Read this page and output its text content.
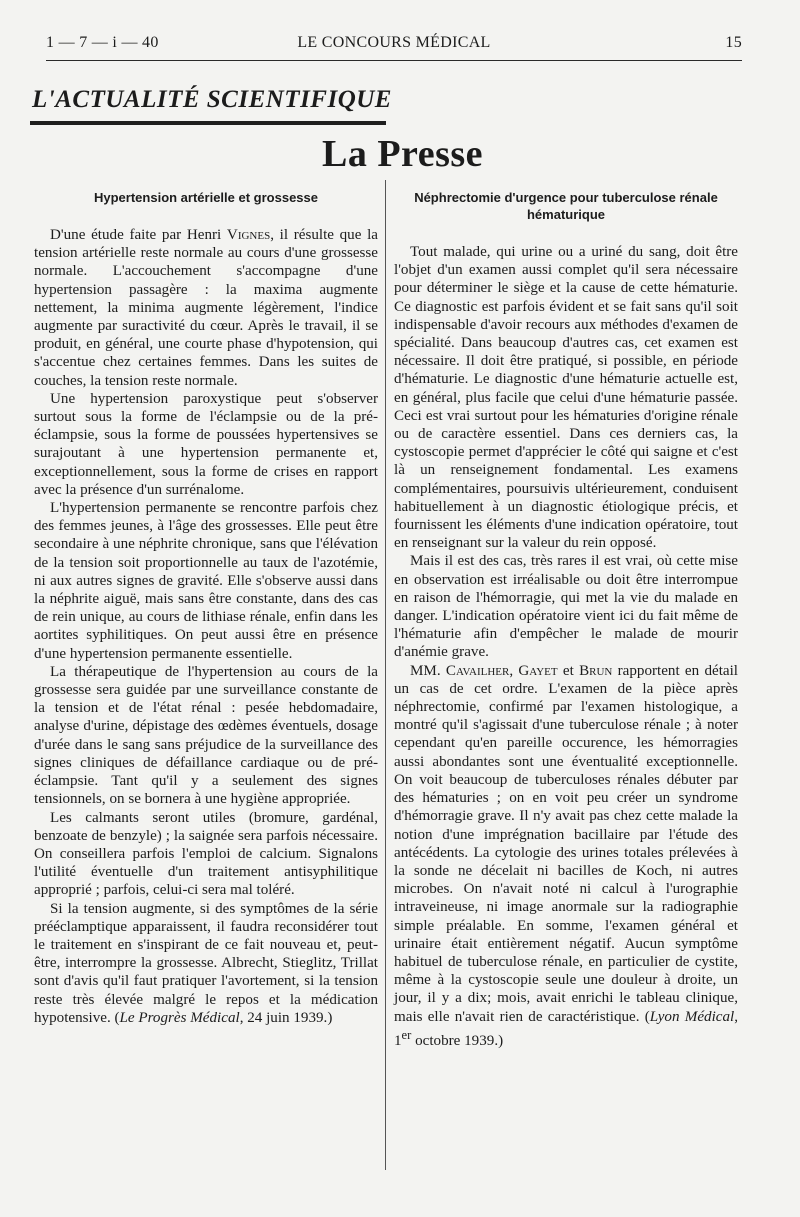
1 — 7 — i — 40	LE CONCOURS MÉDICAL	15
L'ACTUALITÉ SCIENTIFIQUE
La Presse
Hypertension artérielle et grossesse

D'une étude faite par Henri Vignes, il résulte que la tension artérielle reste normale au cours d'une grossesse normale. L'accouchement s'accompagne d'une hypertension passagère : la maxima augmente nettement, la minima augmente légèrement, l'indice augmente par suractivité du cœur. Après le travail, il se produit, en général, une courte phase d'hypotension, qui s'accentue chez certaines femmes. Dans les suites de couches, la tension reste normale.

Une hypertension paroxystique peut s'observer surtout sous la forme de l'éclampsie ou de la pré-éclampsie, sous la forme de poussées hypertensives se surajoutant à une hypertension permanente et, exceptionnellement, sous la forme de crises en rapport avec la présence d'un surrénalome.

L'hypertension permanente se rencontre parfois chez des femmes jeunes, à l'âge des grossesses. Elle peut être secondaire à une néphrite chronique, sans que l'élévation de la tension soit proportionnelle au taux de l'azotémie, ni aux autres signes de gravité. Elle s'observe aussi dans la néphrite aiguë, mais sans être constante, dans des cas de rein unique, au cours de lithiase rénale, enfin dans les aortites syphilitiques. On peut aussi être en présence d'une hypertension permanente essentielle.

La thérapeutique de l'hypertension au cours de la grossesse sera guidée par une surveillance constante de la tension et de l'état rénal : pesée hebdomadaire, analyse d'urine, dépistage des œdèmes éventuels, dosage d'urée dans le sang sans préjudice de la surveillance des signes cliniques de défaillance cardiaque ou de pré-éclampsie. Tant qu'il y a seulement des signes tensionnels, on se bornera à une hygiène appropriée.

Les calmants seront utiles (bromure, gardénal, benzoate de benzyle) ; la saignée sera parfois nécessaire. On conseillera parfois l'emploi de calcium. Signalons l'utilité éventuelle d'un traitement antisyphilitique approprié ; parfois, celui-ci sera mal toléré.

Si la tension augmente, si des symptômes de la série prééclamptique apparaissent, il faudra reconsidérer tout le traitement en s'inspirant de ce fait nouveau et, peut-être, interrompre la grossesse. Albrecht, Stieglitz, Trillat sont d'avis qu'il faut pratiquer l'avortement, si la tension reste très élevée malgré le repos et la médication hypotensive. (Le Progrès Médical, 24 juin 1939.)

Néphrectomie d'urgence pour tuberculose rénale hématurique

Tout malade, qui urine ou a uriné du sang, doit être l'objet d'un examen aussi complet qu'il sera nécessaire pour déterminer le siège et la cause de cette hématurie. Ce diagnostic est parfois évident et se fait sans qu'il soit indispensable d'avoir recours aux méthodes d'examen de spécialité. Dans beaucoup d'autres cas, cet examen est nécessaire. Il doit être pratiqué, si possible, en période d'hématurie. Le diagnostic d'une hématurie actuelle est, en général, plus facile que celui d'une hématurie passée. Ceci est vrai surtout pour les hématuries d'origine rénale ou de caractère essentiel. Dans ces derniers cas, la cystoscopie permet d'apprécier le côté qui saigne et c'est là un renseignement fondamental. Les examens complémentaires, poursuivis ultérieurement, conduisent habituellement à un diagnostic étiologique précis, et fournissent les éléments d'une indication opératoire, tout en renseignant sur la valeur du rein opposé.

Mais il est des cas, très rares il est vrai, où cette mise en observation est irréalisable ou doit être interrompue en raison de l'hémorragie, qui met la vie du malade en danger. L'indication opératoire vient ici du fait même de l'hématurie afin d'empêcher le malade de mourir d'anémie grave.

MM. Cavailher, Gayet et Brun rapportent en détail un cas de cet ordre. L'examen de la pièce après néphrectomie, confirmé par l'examen histologique, a montré qu'il s'agissait d'une tuberculose rénale ; à noter cependant qu'en pareille occurence, les hémorragies aussi abondantes sont une éventualité exceptionnelle. On voit beaucoup de tuberculoses rénales débuter par des hématuries ; on en voit peu créer un syndrome d'hémorragie grave. Il n'y avait pas chez cette malade la notion d'une imprégnation bacillaire par l'étude des antécédents. La cytologie des urines totales prélevées à la sonde ne décelait ni bacilles de Koch, ni autres microbes. On n'avait noté ni calcul à l'urographie intraveineuse, ni image anormale sur la radiographie simple préalable. En somme, l'examen général et urinaire était entièrement négatif. Aucun symptôme habituel de tuberculose rénale, en particulier de cystite, même à la cystoscopie seule une douleur à droite, un jour, il y a dix; mois, avait enrichi le tableau clinique, mais elle n'avait rien de caractéristique. (Lyon Médical, 1er octobre 1939.)
